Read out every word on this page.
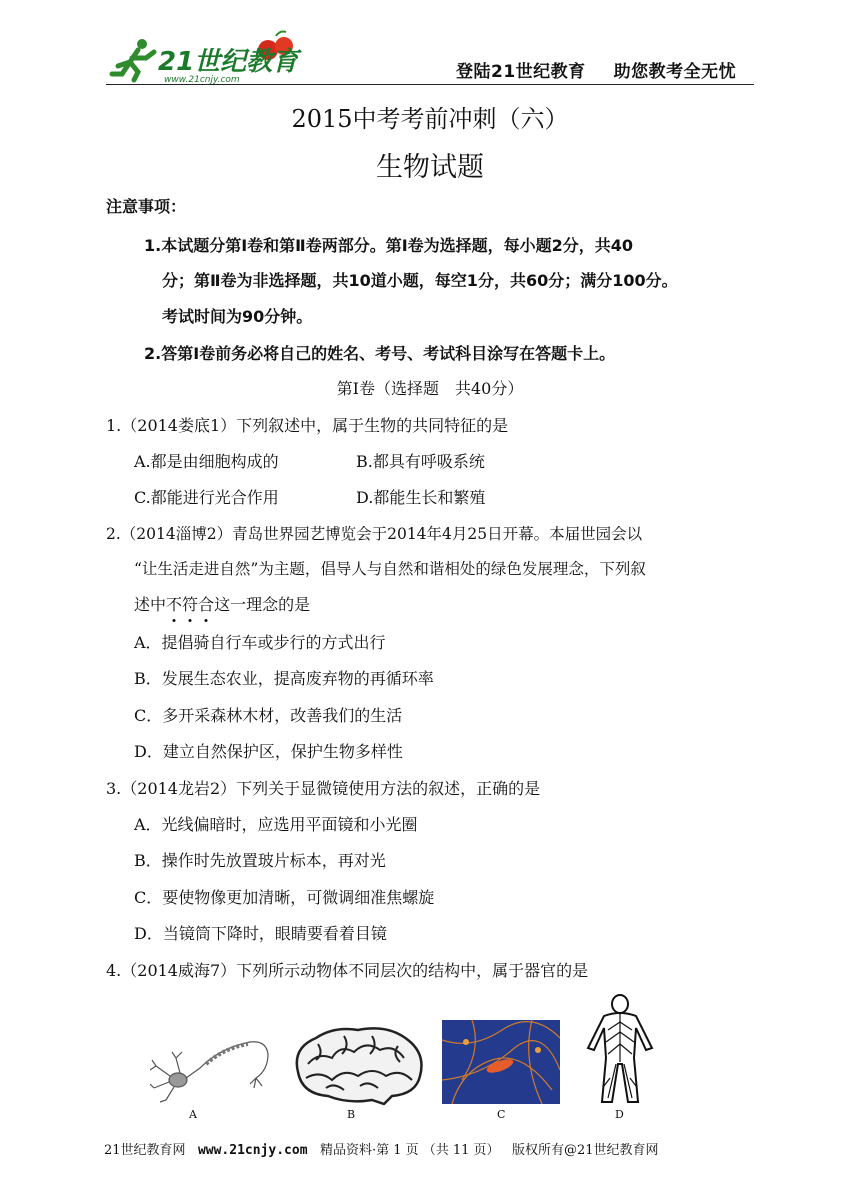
21世纪教育
www.21cnjy.com	登陆21世纪教育 助您教考全无忧
2015中考考前冲刺（六）
生物试题
注意事项：
1.本试题分第Ⅰ卷和第Ⅱ卷两部分。第Ⅰ卷为选择题，每小题2分，共40
分；第Ⅱ卷为非选择题，共10道小题，每空1分，共60分；满分100分。
考试时间为90分钟。
2.答第Ⅰ卷前务必将自己的姓名、考号、考试科目涂写在答题卡上。
第Ⅰ卷（选择题　共40分）
1.（2014娄底1）下列叙述中，属于生物的共同特征的是
A.都是由细胞构成的	B.都具有呼吸系统
C.都能进行光合作用	D.都能生长和繁殖
2.（2014淄博2）青岛世界园艺博览会于2014年4月25日开幕。本届世园会以
“让生活走进自然”为主题，倡导人与自然和谐相处的绿色发展理念，下列叙
述中不符合这一理念的是
A．提倡骑自行车或步行的方式出行
B．发展生态农业，提高废弃物的再循环率
C．多开采森林木材，改善我们的生活
D．建立自然保护区，保护生物多样性
3.（2014龙岩2）下列关于显微镜使用方法的叙述，正确的是
A．光线偏暗时，应选用平面镜和小光圈
B．操作时先放置玻片标本，再对光
C．要使物像更加清晰，可微调细准焦螺旋
D．当镜筒下降时，眼睛要看着目镜
4.（2014威海7）下列所示动物体不同层次的结构中，属于器官的是
A	B	C	D
21世纪教育网 www.21cnjy.com 精品资料·第 1 页 （共 11 页） 版权所有@21世纪教育网
